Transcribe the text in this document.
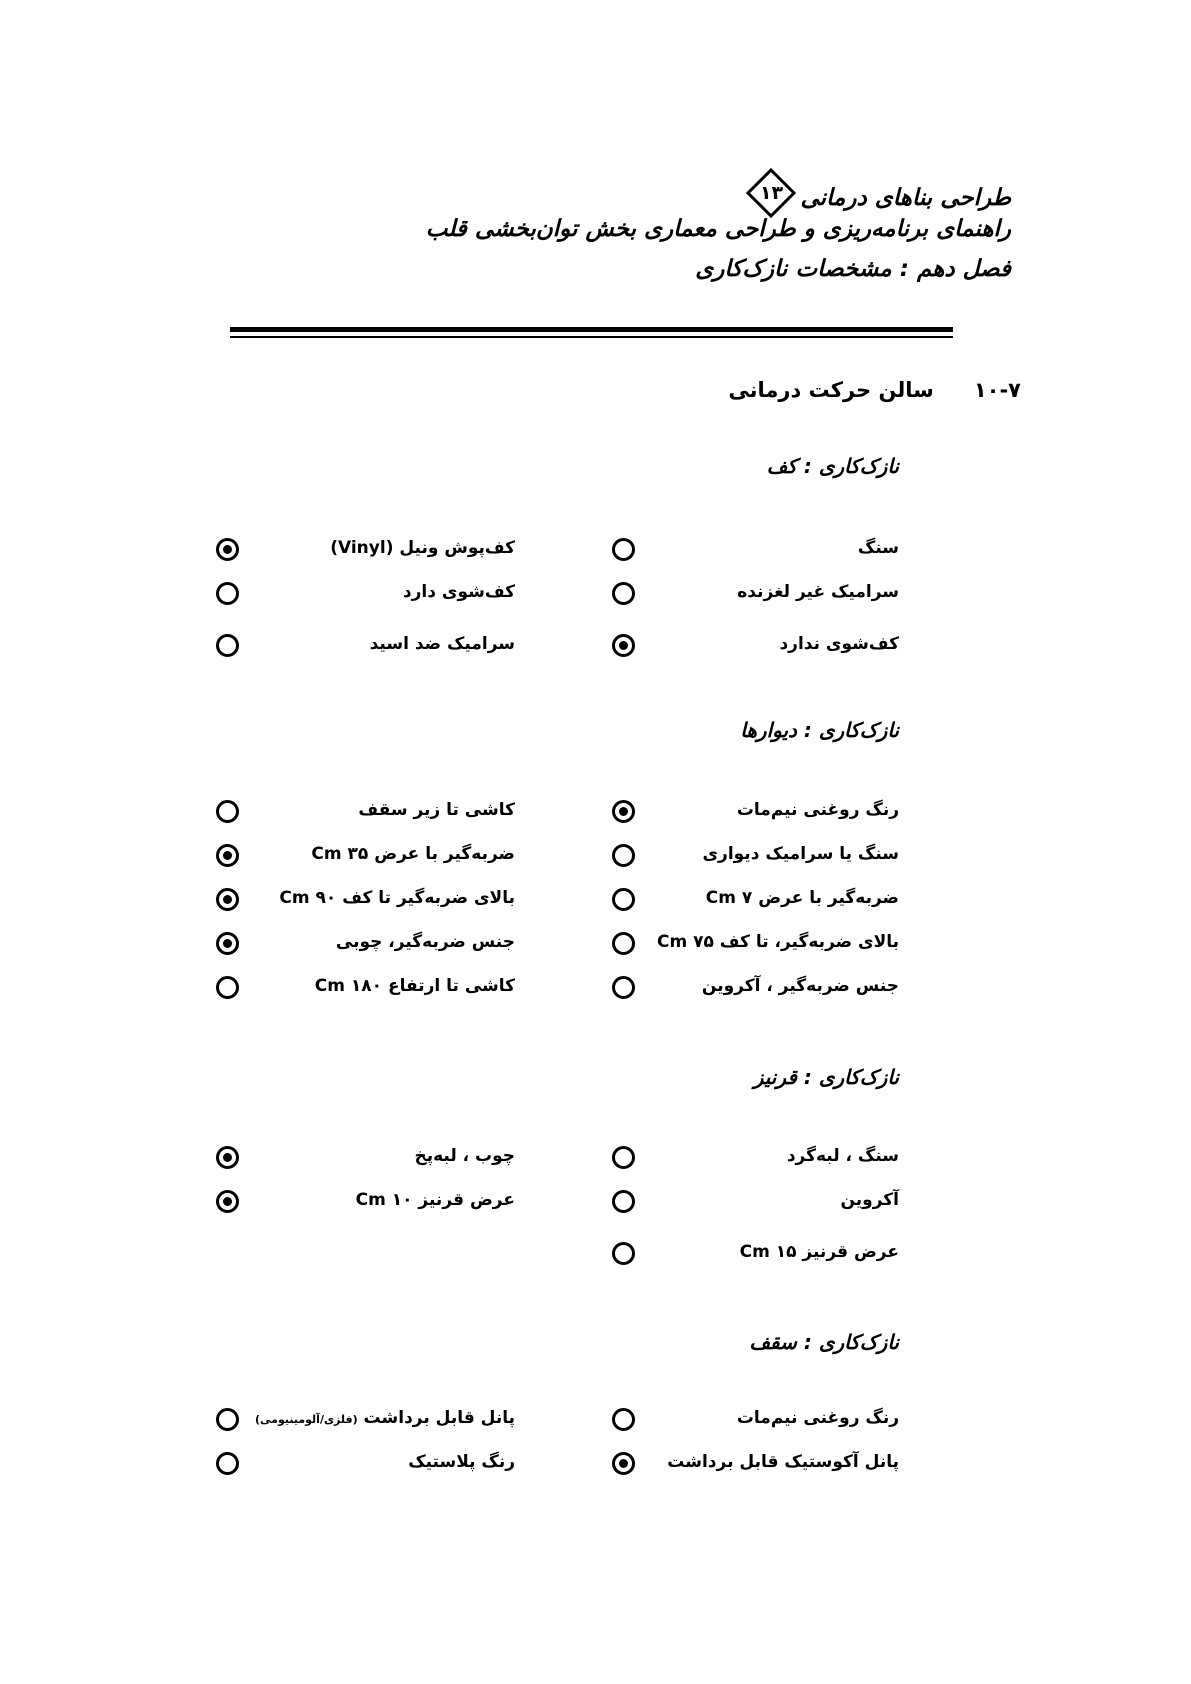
طراحی بناهای درمانی
۱۳
راهنمای برنامه‌ریزی و طراحی معماری بخش توان‌بخشی قلب
فصل دهم : مشخصات نازک‌کاری
۱۰-۷
سالن حرکت درمانی
نازک‌کاری : کف
سنگ
سرامیک غیر لغزنده
کف‌شوی ندارد
کف‌پوش ونیل (Vinyl)
کف‌شوی دارد
سرامیک ضد اسید
نازک‌کاری : دیوارها
رنگ روغنی نیم‌مات
سنگ یا سرامیک دیواری
ضربه‌گیر با عرض ۷ Cm
بالای ضربه‌گیر، تا کف ۷۵ Cm
جنس ضربه‌گیر ، آکروین
کاشی تا زیر سقف
ضربه‌گیر با عرض ۳۵ Cm
بالای ضربه‌گیر تا کف ۹۰ Cm
جنس ضربه‌گیر، چوبی
کاشی تا ارتفاع ۱۸۰ Cm
نازک‌کاری : قرنیز
سنگ ، لبه‌گرد
آکروین
عرض قرنیز ۱۵ Cm
چوب ، لبه‌پخ
عرض قرنیز ۱۰ Cm
نازک‌کاری : سقف
رنگ روغنی نیم‌مات
پانل آکوستیک قابل برداشت
پانل قابل برداشت (فلزی/آلومینیومی)
رنگ پلاستیک
